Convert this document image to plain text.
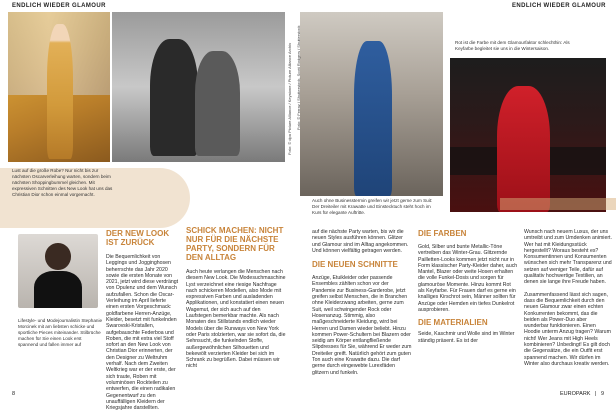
ENDLICH WIEDER GLAMOUR	ENDLICH WIEDER GLAMOUR
Lust auf die große Robe? Nur nicht bis zur nächsten Oscarverleihung warten, sondern beim nächsten Shoppingbummel gleichen. Mit expressiven Schnitten des New Look hat uns das Christian Dior schon einmal vorgemacht.
Foto: © dpa Picture Alliance / Keystone / Picture Alliance Archiv Foto: © Ferraz / Shutterstock, Scott Rodgers / Shutterstock
Auch ohne Businesstermin greifen wir jetzt gerne zum Suit: Der Dreiteiler mit Krawatte und Einstecktuch steht hoch im Kurs für elegante Auftritte.
Rot ist die Farbe mit dem Glamourfaktor schlechthin: Als Keyfarbe begleitet sie uns in die Wintersaison.
Lifestyle- und Modejournalistin Stephanie Morcinek mit am liebsten schicke und sportliche Pieces miteinander. Stilbrüche machen für Sie einen Look erst spannend und fallen immer auf
DER NEW LOOK IST ZURÜCK

Die Bequemlichkeit von Leggings und Jogginghosen beherrschte das Jahr 2020 sowie die ersten Monate von 2021, jetzt wird diese verdrängt von Opulenz und dem Wunsch aufzufallen. Schon die Oscar-Verleihung im April lieferte einen ersten Vorgeschmack: goldfarbene Herren-Anzüge, Kleider, besetzt mit funkelnden Swarovski-Kristallen, aufgebauschte Federboa und Roben, die mit extra viel Stoff sofort an den New Look von Christian Dior erinnerten, der den Designer zu Weltruhm verhalf. Nach dem Zweiten Weltkrieg war er der erste, der sich traute, Roben mit voluminösen Rockteilen zu entwerfen, die einen radikalen Gegenentwurf zu den unauffälligen Kleidern der Kriegsjahre darstellten.

SCHICK MACHEN: NICHT NUR FÜR DIE NÄCHSTE PARTY, SONDERN FÜR DEN ALLTAG

Auch heute verlangen die Menschen nach diesem New Look. Die Modesuchmaschine Lyst verzeichnet eine riesige Nachfrage nach schickeren Modellen, also Mode mit expressiven Farben und ausladenden Applikationen, und konstatiert einen neuen Wagemut, der sich auch auf den Laufstegen bemerkbar machte. Als nach Monaten des Stillstands endlich wieder Models über die Runways von New York oder Paris stolzierten, war sie sofort da, die Sehnsucht, die funkelnden Stoffe, außergewöhnlichen Silhouetten und bekewölt verzierten Kleider bei sich im Schrank zu begrüßen. Dabei müssen wir nicht

auf die nächste Party warten, bis wir die neuen Styles ausführen können. Glitzer und Glamour sind im Alltag angekommen. Und können vielfältig getragen werden.

DIE NEUEN SCHNITTE

Anzüge, Etuikleider oder passende Ensembles zählten schon vor der Pandemie zur Business-Garderobe, jetzt greifen selbst Menschen, die in Branchen ohne Kleiderzwang arbeiten, gerne zum Suit, weil schwingender Rock oder Hosenanzug. Stimmig, also maßgeschneiderte Kleidung, wird bei Herren und Damen wieder beliebt. Hinzu kommen Power-Schultern bei Blazern oder seidig am Körper entlangfließende Slipdresses für Sie, während Er weder zum Dreiteiler greift. Natürlich gehört zum guten Ton auch eine Krawatte dazu. Die darf gerne durch eingewebte Lurexfäden glitzern und funkeln.

DIE FARBEN

Gold, Silber und bunte Metallic-Töne vertreiben das Winter-Grau. Glitzernde Pailletten-Looks kommen jetzt nicht nur in Form klassischer Party-Kleider daher, auch Mantel, Blazer oder weite Hosen erhalten die volle Funkel-Dosis und sorgen für glamouröse Momente. Hinzu kommt Rot als Keyfarbe. Für Frauen darf es gerne ein knalliges Kirschrot sein, Männer sollten für Anzüge oder Hemden ein tiefes Dunkelrot ausprobieren.

DIE MATERIALIEN

Seide, Kaschmir und Wolle sind im Winter ständig präsent. Es ist der

Wunsch nach neuem Luxus, der uns umtreibt und zum Umdenken animiert. Wer hat mit Kleidungsstück hergestellt? Woraus besteht es? Konsumentinnen und Konsumenten wünschen sich mehr Transparenz und setzen auf weniger Teile, dafür auf qualitativ hochwertige Textilien, an denen sie lange ihre Freude haben.

Zusammenfassend lässt sich sagen, dass die Bequemlichkeit durch den neuen Glamour zwar einen echten Konkurrenten bekommt, das die beiden als Power-Duo aber wunderbar funktionieren. Einen Hoodie unterm Anzug tragen? Warum nicht! Wer Jeans mit High Heels kombinieren? Unbedingt! Es gilt doch die Gegensätze, die ein Outfit erst spannend machen. Wir dürfen im Winter also durchaus kreativ werden.

8	EUROPARK | 9
